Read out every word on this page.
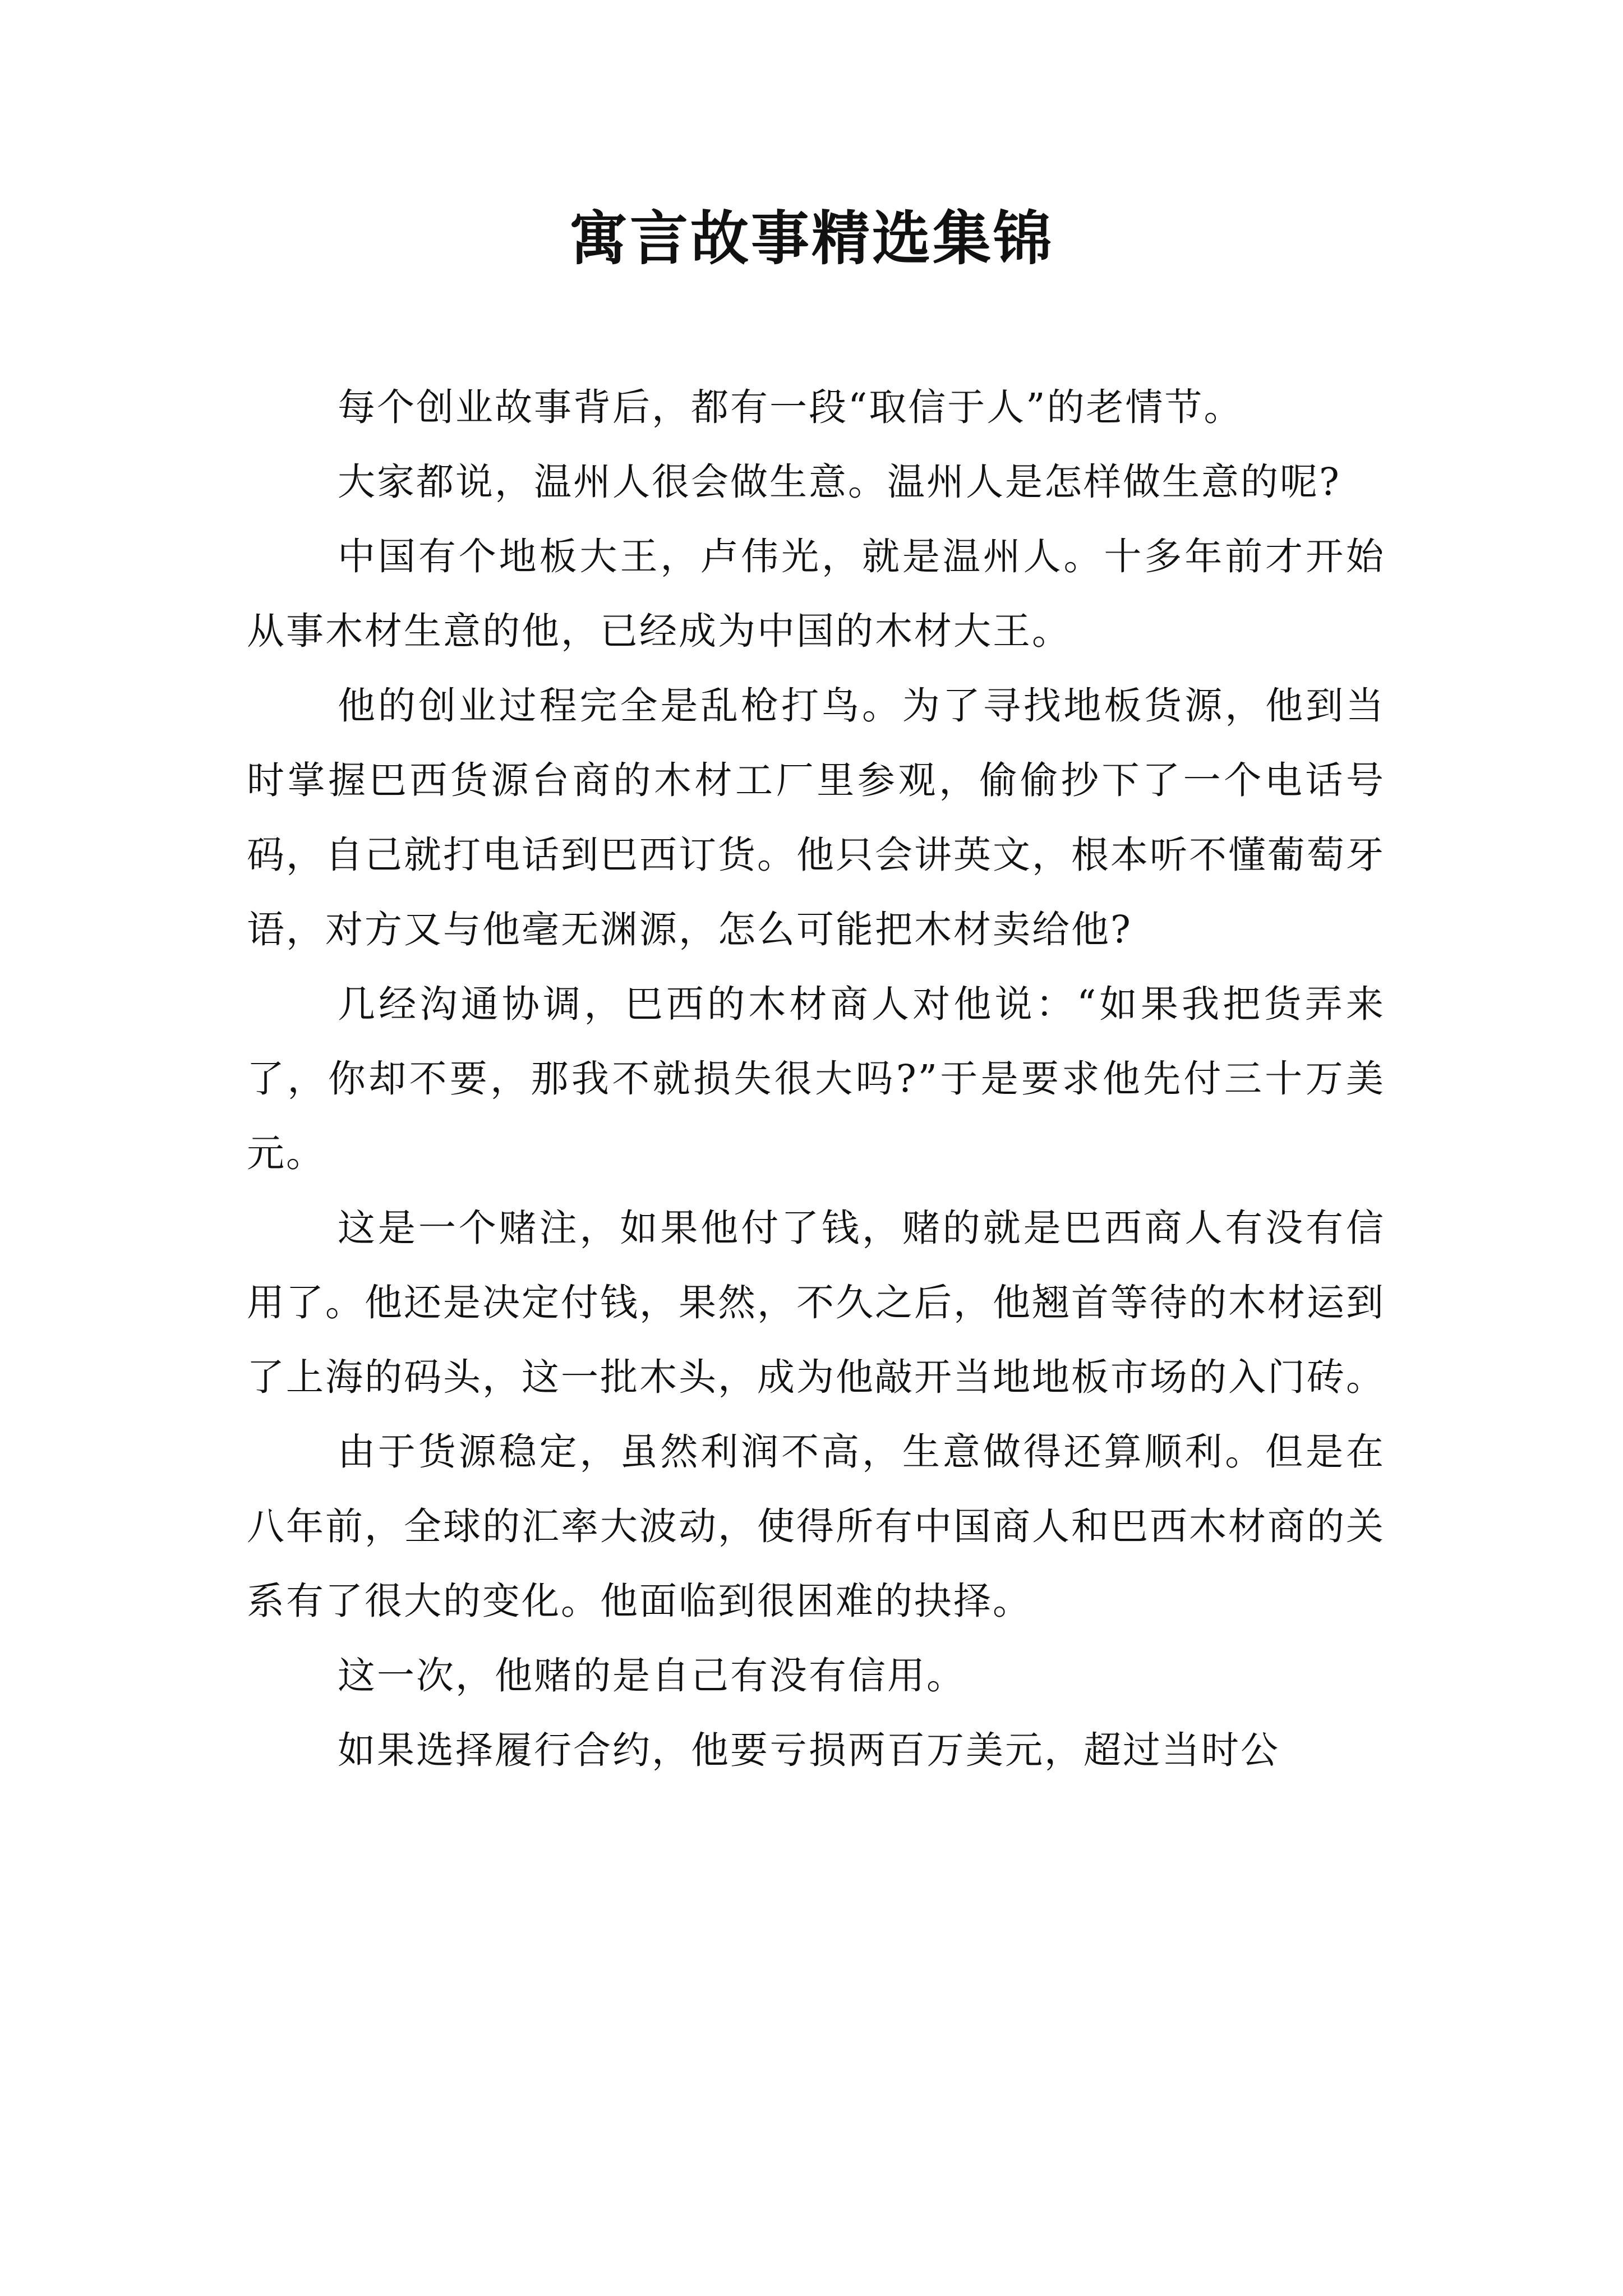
寓言故事精选集锦

每个创业故事背后，都有一段“取信于人”的老情节。

大家都说，温州人很会做生意。温州人是怎样做生意的呢?

中国有个地板大王，卢伟光，就是温州人。十多年前才开始从事木材生意的他，已经成为中国的木材大王。

他的创业过程完全是乱枪打鸟。为了寻找地板货源，他到当时掌握巴西货源台商的木材工厂里参观，偷偷抄下了一个电话号码，自己就打电话到巴西订货。他只会讲英文，根本听不懂葡萄牙语，对方又与他毫无渊源，怎么可能把木材卖给他?

几经沟通协调，巴西的木材商人对他说：“如果我把货弄来了，你却不要，那我不就损失很大吗?”于是要求他先付三十万美元。

这是一个赌注，如果他付了钱，赌的就是巴西商人有没有信用了。他还是决定付钱，果然，不久之后，他翘首等待的木材运到了上海的码头，这一批木头，成为他敲开当地地板市场的入门砖。

由于货源稳定，虽然利润不高，生意做得还算顺利。但是在八年前，全球的汇率大波动，使得所有中国商人和巴西木材商的关系有了很大的变化。他面临到很困难的抉择。

这一次，他赌的是自己有没有信用。

如果选择履行合约，他要亏损两百万美元，超过当时公
